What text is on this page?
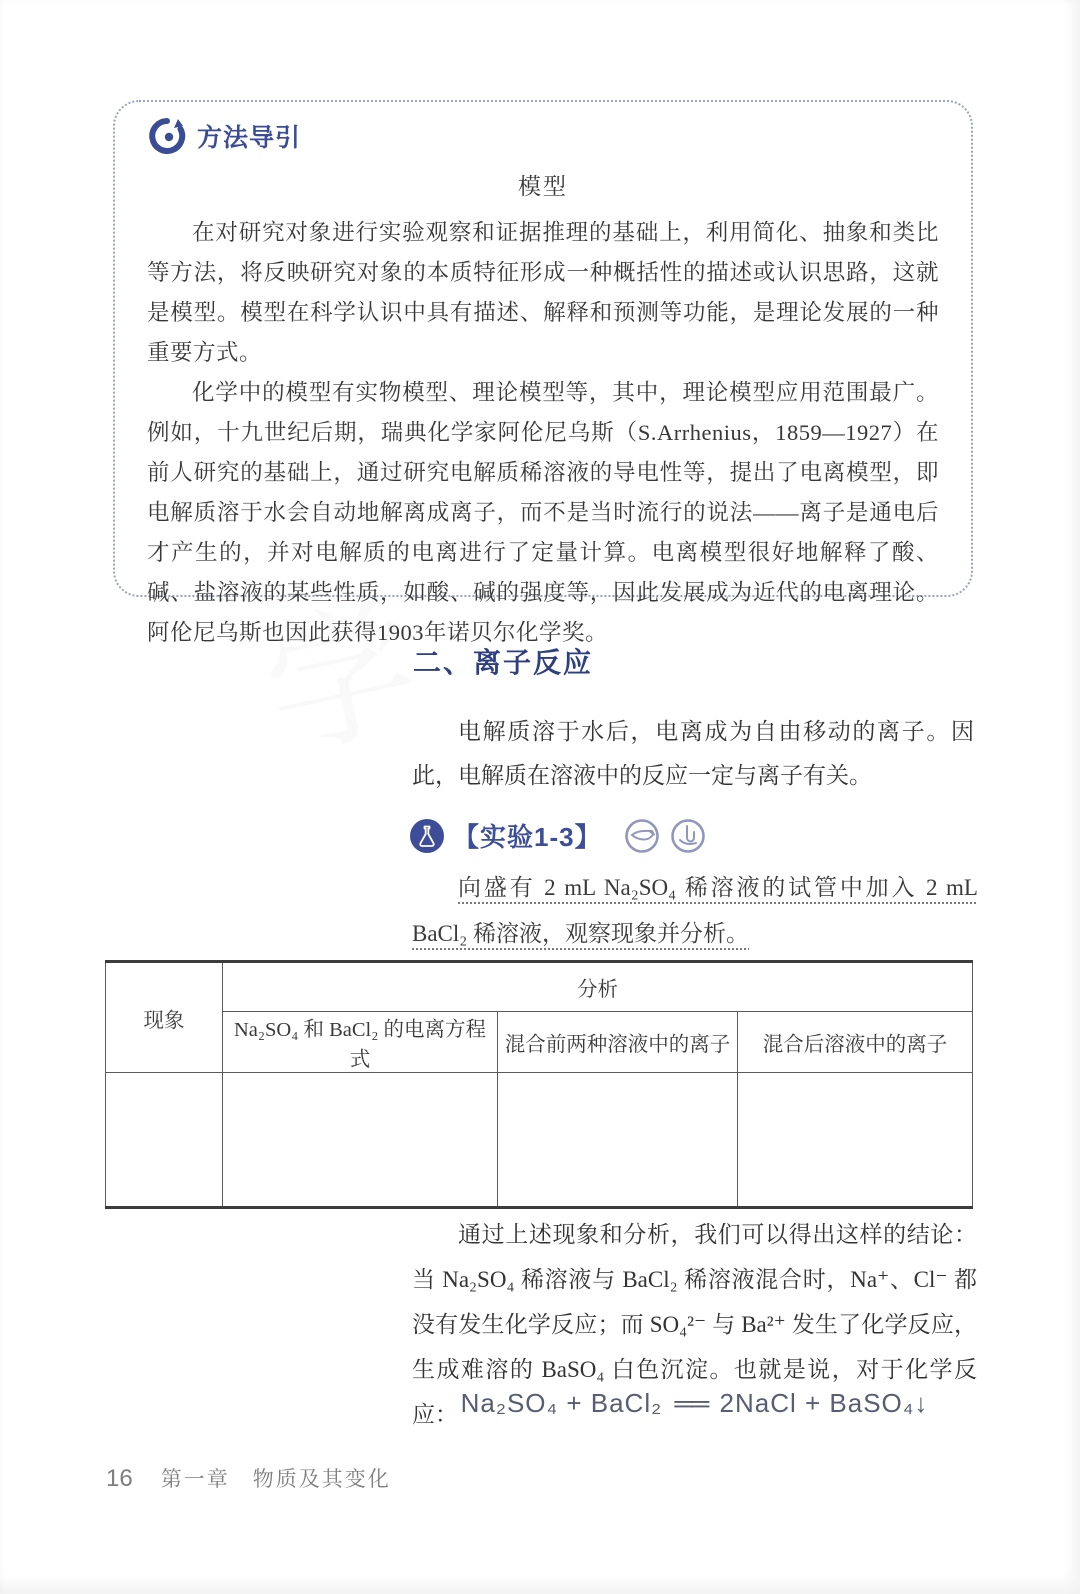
方法导引
模型

在对研究对象进行实验观察和证据推理的基础上，利用简化、抽象和类比等方法，将反映研究对象的本质特征形成一种概括性的描述或认识思路，这就是模型。模型在科学认识中具有描述、解释和预测等功能，是理论发展的一种重要方式。

化学中的模型有实物模型、理论模型等，其中，理论模型应用范围最广。例如，十九世纪后期，瑞典化学家阿伦尼乌斯（S.Arrhenius，1859—1927）在前人研究的基础上，通过研究电解质稀溶液的导电性等，提出了电离模型，即电解质溶于水会自动地解离成离子，而不是当时流行的说法——离子是通电后才产生的，并对电解质的电离进行了定量计算。电离模型很好地解释了酸、碱、盐溶液的某些性质，如酸、碱的强度等，因此发展成为近代的电离理论。阿伦尼乌斯也因此获得1903年诺贝尔化学奖。

二、离子反应

电解质溶于水后，电离成为自由移动的离子。因此，电解质在溶液中的反应一定与离子有关。

【实验1-3】

向盛有 2 mL Na₂SO₄ 稀溶液的试管中加入 2 mL BaCl₂ 稀溶液，观察现象并分析。

现象	分析		
	Na₂SO₄ 和 BaCl₂ 的电离方程式	混合前两种溶液中的离子	混合后溶液中的离子

通过上述现象和分析，我们可以得出这样的结论：当 Na₂SO₄ 稀溶液与 BaCl₂ 稀溶液混合时，Na⁺、Cl⁻ 都没有发生化学反应；而 SO₄²⁻ 与 Ba²⁺ 发生了化学反应，生成难溶的 BaSO₄ 白色沉淀。也就是说，对于化学反应： Na₂SO₄ + BaCl₂ ══ 2NaCl + BaSO₄↓
16 第一章　物质及其变化
